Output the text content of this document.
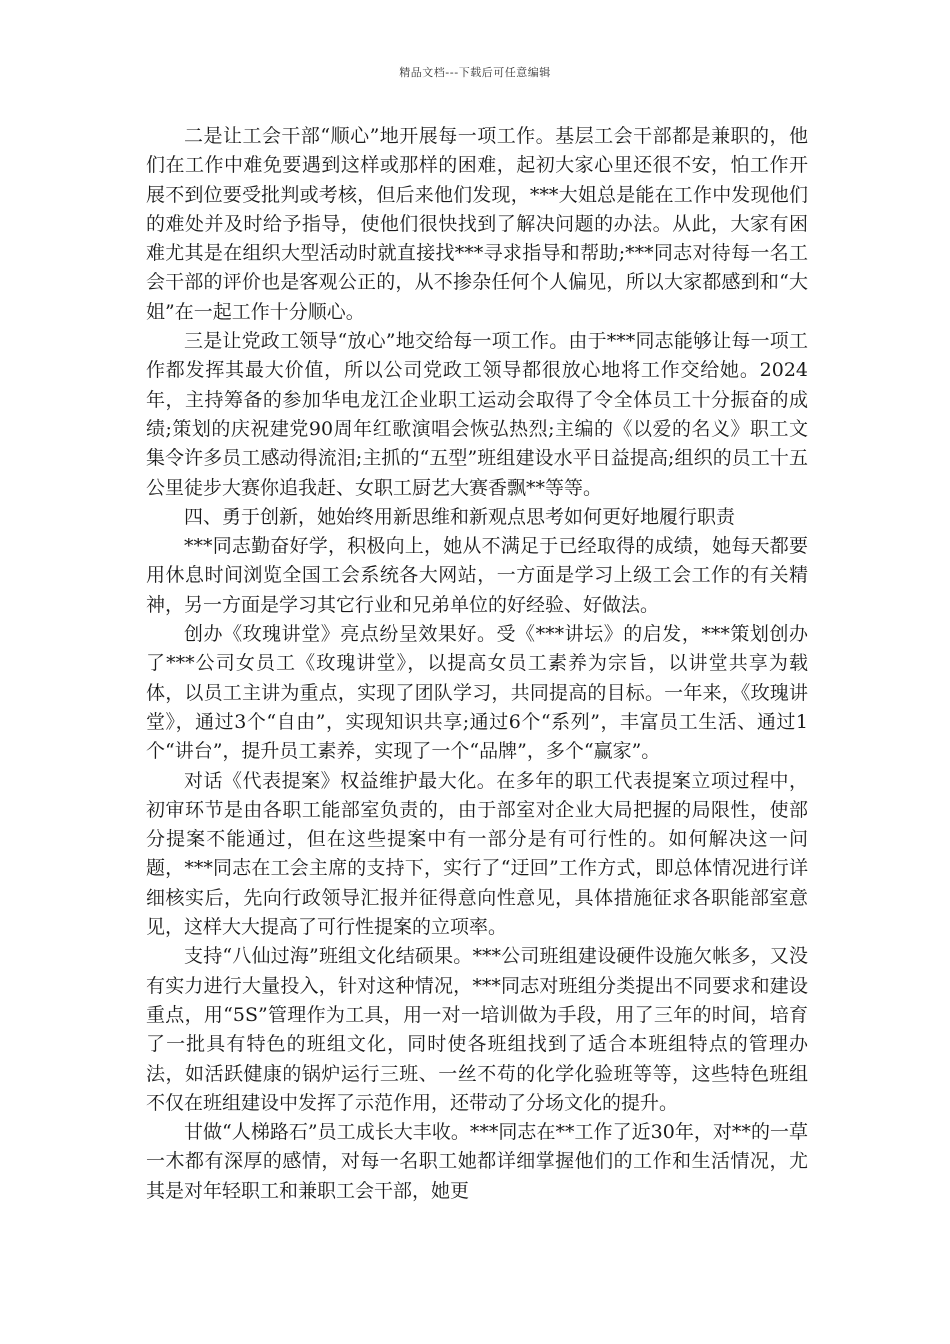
精品文档---下载后可任意编辑

二是让工会干部“顺心”地开展每一项工作。基层工会干部都是兼职的，他们在工作中难免要遇到这样或那样的困难，起初大家心里还很不安，怕工作开展不到位要受批判或考核，但后来他们发现，***大姐总是能在工作中发现他们的难处并及时给予指导，使他们很快找到了解决问题的办法。从此，大家有困难尤其是在组织大型活动时就直接找***寻求指导和帮助;***同志对待每一名工会干部的评价也是客观公正的，从不掺杂任何个人偏见，所以大家都感到和“大姐”在一起工作十分顺心。

三是让党政工领导“放心”地交给每一项工作。由于***同志能够让每一项工作都发挥其最大价值，所以公司党政工领导都很放心地将工作交给她。2024年，主持筹备的参加华电龙江企业职工运动会取得了令全体员工十分振奋的成绩;策划的庆祝建党90周年红歌演唱会恢弘热烈;主编的《以爱的名义》职工文集令许多员工感动得流泪;主抓的“五型”班组建设水平日益提高;组织的员工十五公里徒步大赛你追我赶、女职工厨艺大赛香飘**等等。

四、勇于创新，她始终用新思维和新观点思考如何更好地履行职责

***同志勤奋好学，积极向上，她从不满足于已经取得的成绩，她每天都要用休息时间浏览全国工会系统各大网站，一方面是学习上级工会工作的有关精神，另一方面是学习其它行业和兄弟单位的好经验、好做法。

创办《玫瑰讲堂》亮点纷呈效果好。受《***讲坛》的启发，***策划创办了***公司女员工《玫瑰讲堂》，以提高女员工素养为宗旨，以讲堂共享为载体，以员工主讲为重点，实现了团队学习，共同提高的目标。一年来，《玫瑰讲堂》，通过3个“自由”，实现知识共享;通过6个“系列”，丰富员工生活、通过1个“讲台”，提升员工素养，实现了一个“品牌”，多个“赢家”。

对话《代表提案》权益维护最大化。在多年的职工代表提案立项过程中，初审环节是由各职工能部室负责的，由于部室对企业大局把握的局限性，使部分提案不能通过，但在这些提案中有一部分是有可行性的。如何解决这一问题，***同志在工会主席的支持下，实行了“迂回”工作方式，即总体情况进行详细核实后，先向行政领导汇报并征得意向性意见，具体措施征求各职能部室意见，这样大大提高了可行性提案的立项率。

支持“八仙过海”班组文化结硕果。***公司班组建设硬件设施欠帐多，又没有实力进行大量投入，针对这种情况，***同志对班组分类提出不同要求和建设重点，用“5S”管理作为工具，用一对一培训做为手段，用了三年的时间，培育了一批具有特色的班组文化，同时使各班组找到了适合本班组特点的管理办法，如活跃健康的锅炉运行三班、一丝不苟的化学化验班等等，这些特色班组不仅在班组建设中发挥了示范作用，还带动了分场文化的提升。

甘做“人梯路石”员工成长大丰收。***同志在**工作了近30年，对**的一草一木都有深厚的感情，对每一名职工她都详细掌握他们的工作和生活情况，尤其是对年轻职工和兼职工会干部，她更
